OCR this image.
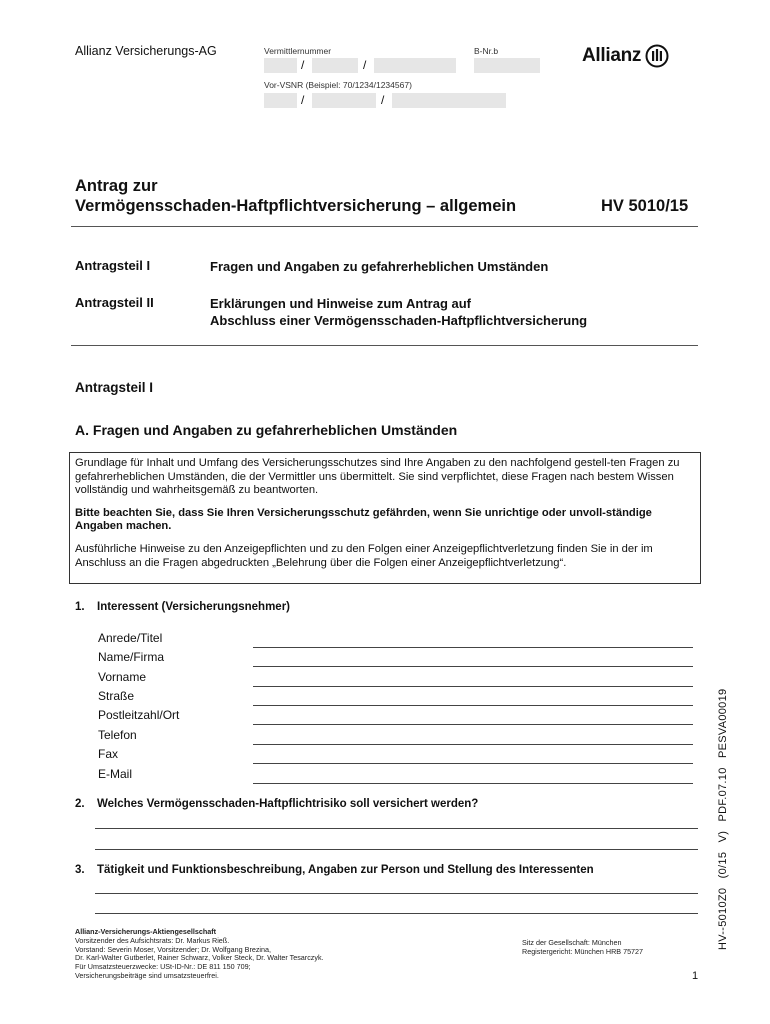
Allianz Versicherungs-AG	Vermittlernummer	B-Nr.b
/	/
Vor-VSNR (Beispiel: 70/1234/1234567)
/	/
Allianz
Antrag zur
Vermögensschaden-Haftpflichtversicherung – allgemein	HV 5010/15
Antragsteil I	Fragen und Angaben zu gefahrerheblichen Umständen
Antragsteil II	Erklärungen und Hinweise zum Antrag auf
Abschluss einer Vermögensschaden-Haftpflichtversicherung
Antragsteil I
A. Fragen und Angaben zu gefahrerheblichen Umständen

Grundlage für Inhalt und Umfang des Versicherungsschutzes sind Ihre Angaben zu den nachfolgend gestell-ten Fragen zu gefahrerheblichen Umständen, die der Vermittler uns übermittelt. Sie sind verpflichtet, diese Fragen nach bestem Wissen vollständig und wahrheitsgemäß zu beantworten.

Bitte beachten Sie, dass Sie Ihren Versicherungsschutz gefährden, wenn Sie unrichtige oder unvoll-ständige Angaben machen.

Ausführliche Hinweise zu den Anzeigepflichten und zu den Folgen einer Anzeigepflichtverletzung finden Sie in der im Anschluss an die Fragen abgedruckten „Belehrung über die Folgen einer Anzeigepflichtverletzung“.

1. Interessent (Versicherungsnehmer)
Anrede/Titel
Name/Firma
Vorname
Straße
Postleitzahl/Ort
Telefon
Fax
E-Mail
2. Welches Vermögensschaden-Haftpflichtrisiko soll versichert werden?
3. Tätigkeit und Funktionsbeschreibung, Angaben zur Person und Stellung des Interessenten
Allianz-Versicherungs-Aktiengesellschaft
Vorsitzender des Aufsichtsrats: Dr. Markus Rieß.
Vorstand: Severin Moser, Vorsitzender; Dr. Wolfgang Brezina,
Dr. Karl-Walter Gutberlet, Rainer Schwarz, Volker Steck, Dr. Walter Tesarczyk.
Für Umsatzsteuerzwecke: USt-ID-Nr.: DE 811 150 709;
Versicherungsbeiträge sind umsatzsteuerfrei.
Sitz der Gesellschaft: München
Registergericht: München HRB 75727
1
HV--5010Z0 (0/15 V) PDF.07.10 PESVA00019
